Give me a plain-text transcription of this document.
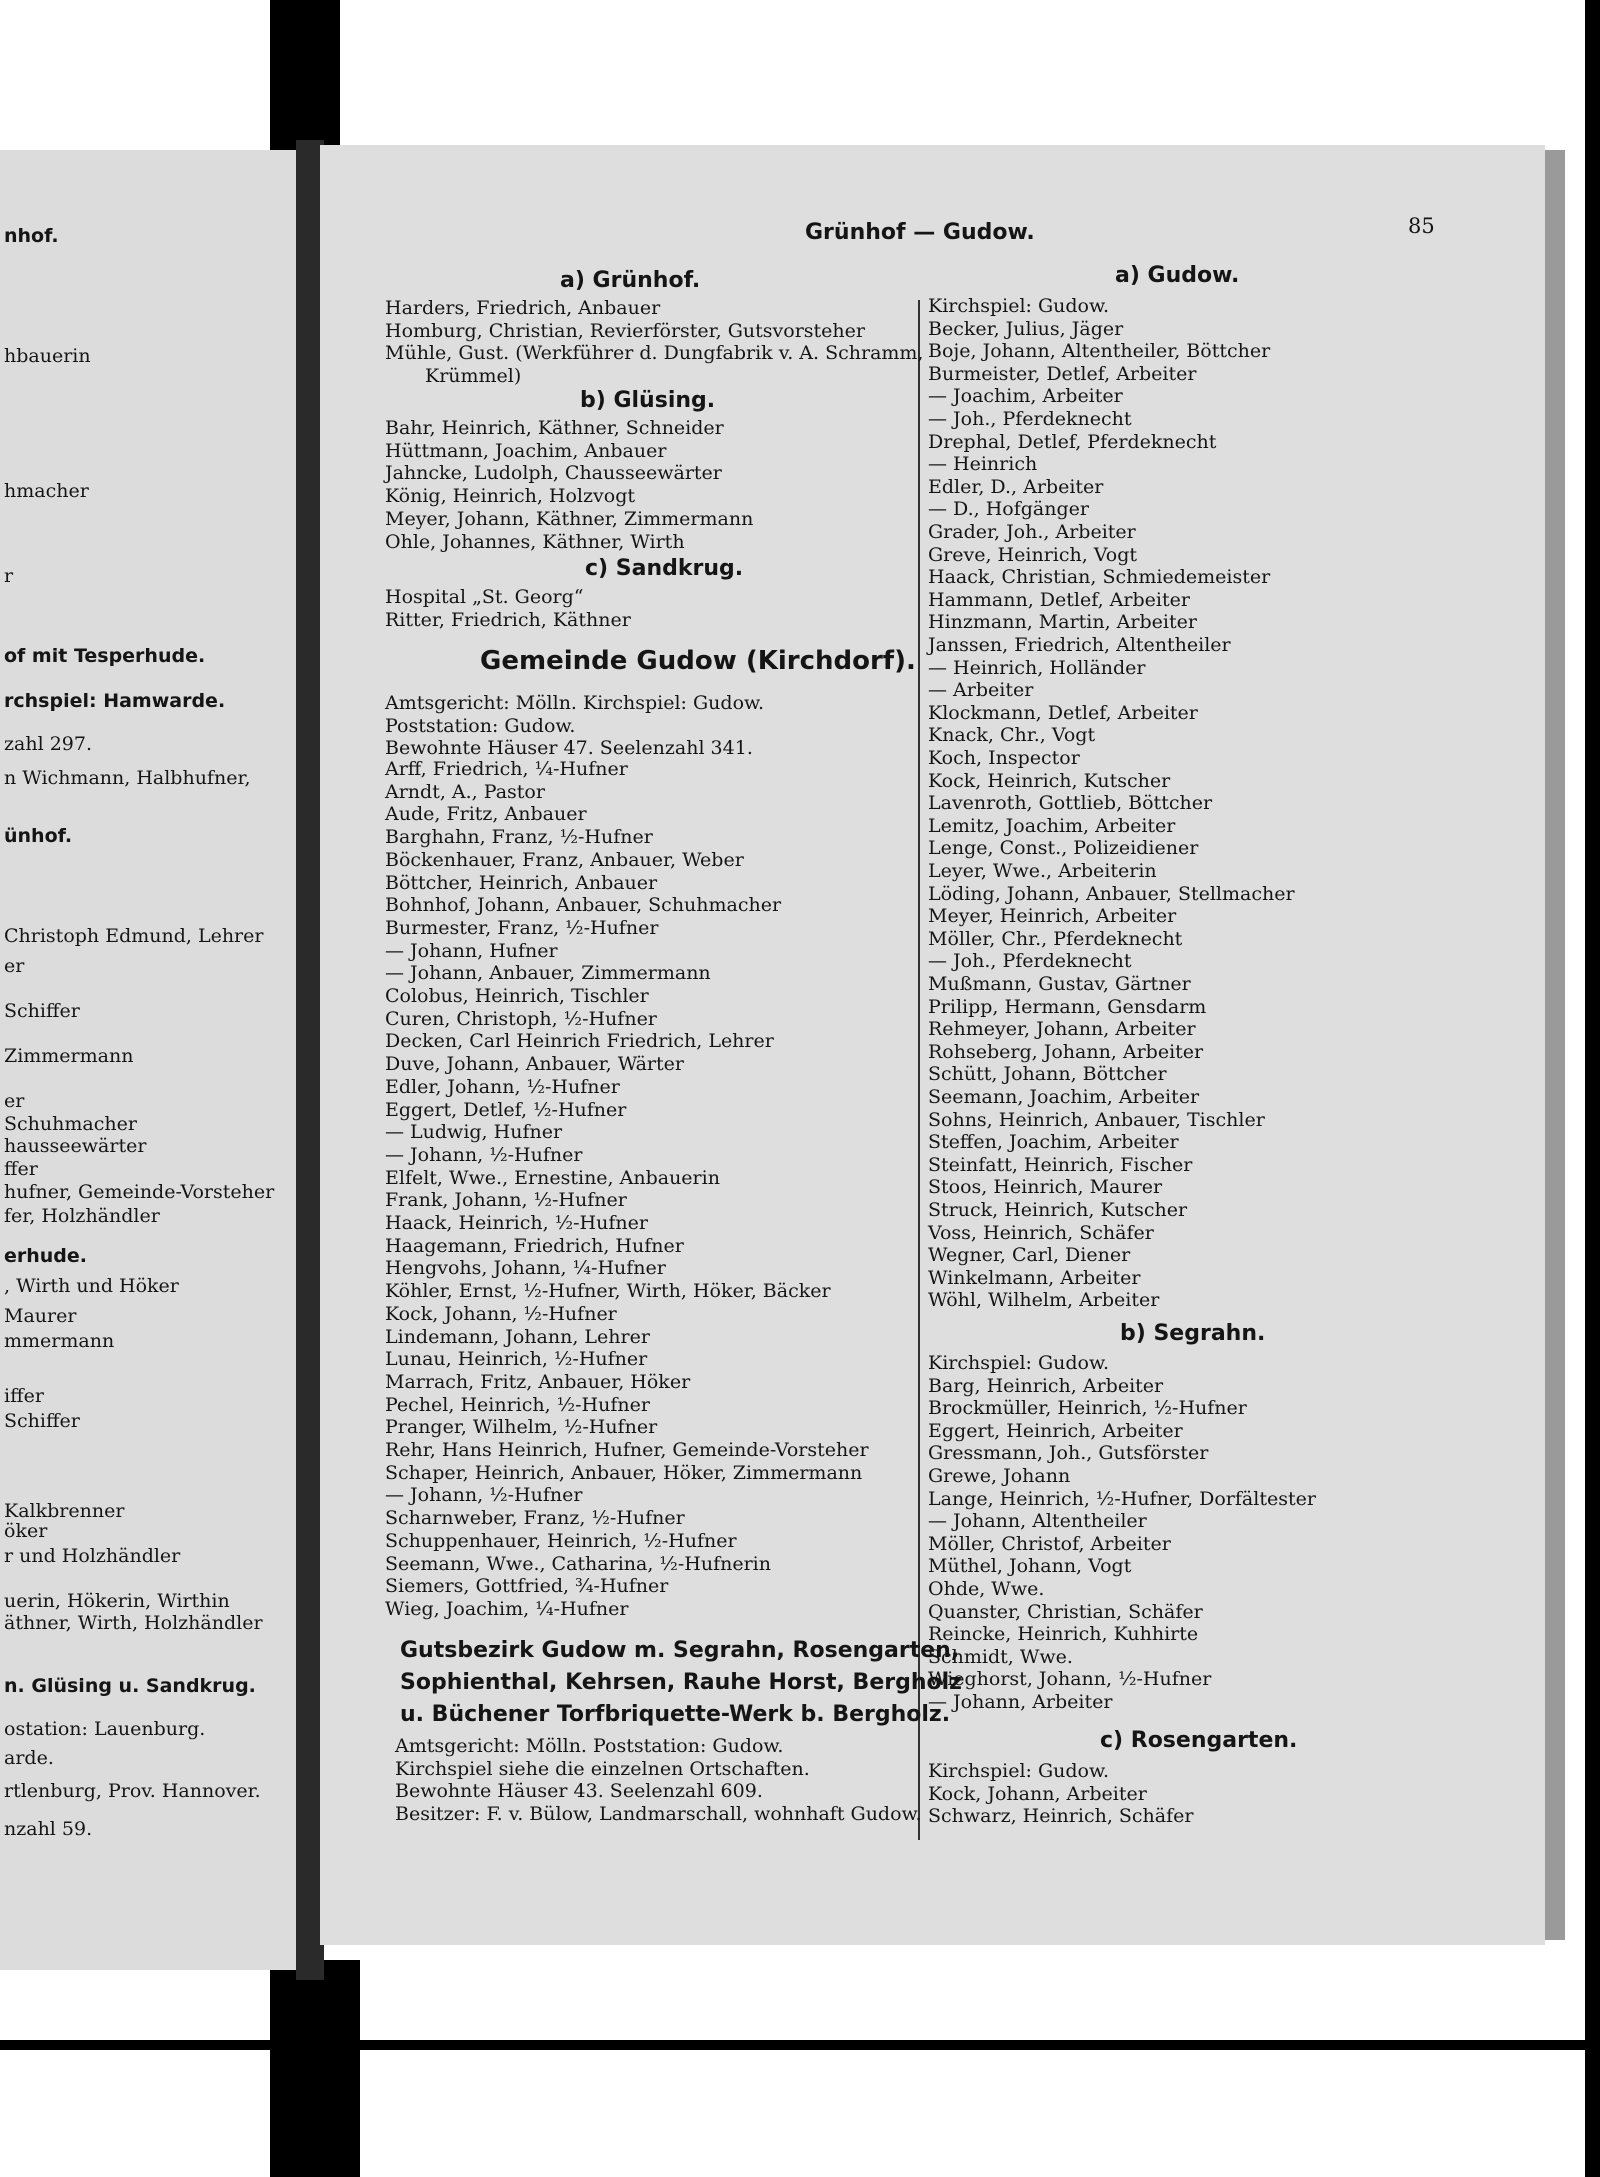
nhof.
hbauerin
hmacher
r
of mit Tesperhude.
rchspiel: Hamwarde.
zahl 297.
n Wichmann, Halbhufner,
ünhof.
Christoph Edmund, Lehrer
er
Schiffer
Zimmermann
er
Schuhmacher
hausseewärter
ffer
hufner, Gemeinde-Vorsteher
fer, Holzhändler
erhude.
, Wirth und Höker
Maurer
mmermann
iffer
Schiffer
Kalkbrenner
öker
r und Holzhändler
uerin, Hökerin, Wirthin
äthner, Wirth, Holzhändler
n. Glüsing u. Sandkrug.
ostation: Lauenburg.
arde.
rtlenburg, Prov. Hannover.
nzahl 59.
Grünhof — Gudow.	85
a) Grünhof.
Harders, Friedrich, Anbauer
Homburg, Christian, Revierförster, Gutsvorsteher
Mühle, Gust. (Werkführer d. Dungfabrik v. A. Schramm,
Krümmel)
b) Glüsing.
Bahr, Heinrich, Käthner, Schneider
Hüttmann, Joachim, Anbauer
Jahncke, Ludolph, Chausseewärter
König, Heinrich, Holzvogt
Meyer, Johann, Käthner, Zimmermann
Ohle, Johannes, Käthner, Wirth
c) Sandkrug.
Hospital „St. Georg“
Ritter, Friedrich, Käthner
Gemeinde Gudow (Kirchdorf).
Amtsgericht: Mölln. Kirchspiel: Gudow.
Poststation: Gudow.
Bewohnte Häuser 47. Seelenzahl 341.
Arff, Friedrich, ¼-Hufner
Arndt, A., Pastor
Aude, Fritz, Anbauer
Barghahn, Franz, ½-Hufner
Böckenhauer, Franz, Anbauer, Weber
Böttcher, Heinrich, Anbauer
Bohnhof, Johann, Anbauer, Schuhmacher
Burmester, Franz, ½-Hufner
— Johann, Hufner
— Johann, Anbauer, Zimmermann
Colobus, Heinrich, Tischler
Curen, Christoph, ½-Hufner
Decken, Carl Heinrich Friedrich, Lehrer
Duve, Johann, Anbauer, Wärter
Edler, Johann, ½-Hufner
Eggert, Detlef, ½-Hufner
— Ludwig, Hufner
— Johann, ½-Hufner
Elfelt, Wwe., Ernestine, Anbauerin
Frank, Johann, ½-Hufner
Haack, Heinrich, ½-Hufner
Haagemann, Friedrich, Hufner
Hengvohs, Johann, ¼-Hufner
Köhler, Ernst, ½-Hufner, Wirth, Höker, Bäcker
Kock, Johann, ½-Hufner
Lindemann, Johann, Lehrer
Lunau, Heinrich, ½-Hufner
Marrach, Fritz, Anbauer, Höker
Pechel, Heinrich, ½-Hufner
Pranger, Wilhelm, ½-Hufner
Rehr, Hans Heinrich, Hufner, Gemeinde-Vorsteher
Schaper, Heinrich, Anbauer, Höker, Zimmermann
— Johann, ½-Hufner
Scharnweber, Franz, ½-Hufner
Schuppenhauer, Heinrich, ½-Hufner
Seemann, Wwe., Catharina, ½-Hufnerin
Siemers, Gottfried, ¾-Hufner
Wieg, Joachim, ¼-Hufner
Gutsbezirk Gudow m. Segrahn, Rosengarten,
Sophienthal, Kehrsen, Rauhe Horst, Bergholz
u. Büchener Torfbriquette-Werk b. Bergholz.
Amtsgericht: Mölln. Poststation: Gudow.
Kirchspiel siehe die einzelnen Ortschaften.
Bewohnte Häuser 43. Seelenzahl 609.
Besitzer: F. v. Bülow, Landmarschall, wohnhaft Gudow.
a) Gudow.
Kirchspiel: Gudow.
Becker, Julius, Jäger
Boje, Johann, Altentheiler, Böttcher
Burmeister, Detlef, Arbeiter
— Joachim, Arbeiter
— Joh., Pferdeknecht
Drephal, Detlef, Pferdeknecht
— Heinrich
Edler, D., Arbeiter
— D., Hofgänger
Grader, Joh., Arbeiter
Greve, Heinrich, Vogt
Haack, Christian, Schmiedemeister
Hammann, Detlef, Arbeiter
Hinzmann, Martin, Arbeiter
Janssen, Friedrich, Altentheiler
— Heinrich, Holländer
— Arbeiter
Klockmann, Detlef, Arbeiter
Knack, Chr., Vogt
Koch, Inspector
Kock, Heinrich, Kutscher
Lavenroth, Gottlieb, Böttcher
Lemitz, Joachim, Arbeiter
Lenge, Const., Polizeidiener
Leyer, Wwe., Arbeiterin
Löding, Johann, Anbauer, Stellmacher
Meyer, Heinrich, Arbeiter
Möller, Chr., Pferdeknecht
— Joh., Pferdeknecht
Mußmann, Gustav, Gärtner
Prilipp, Hermann, Gensdarm
Rehmeyer, Johann, Arbeiter
Rohseberg, Johann, Arbeiter
Schütt, Johann, Böttcher
Seemann, Joachim, Arbeiter
Sohns, Heinrich, Anbauer, Tischler
Steffen, Joachim, Arbeiter
Steinfatt, Heinrich, Fischer
Stoos, Heinrich, Maurer
Struck, Heinrich, Kutscher
Voss, Heinrich, Schäfer
Wegner, Carl, Diener
Winkelmann, Arbeiter
Wöhl, Wilhelm, Arbeiter
b) Segrahn.
Kirchspiel: Gudow.
Barg, Heinrich, Arbeiter
Brockmüller, Heinrich, ½-Hufner
Eggert, Heinrich, Arbeiter
Gressmann, Joh., Gutsförster
Grewe, Johann
Lange, Heinrich, ½-Hufner, Dorfältester
— Johann, Altentheiler
Möller, Christof, Arbeiter
Müthel, Johann, Vogt
Ohde, Wwe.
Quanster, Christian, Schäfer
Reincke, Heinrich, Kuhhirte
Schmidt, Wwe.
Wieghorst, Johann, ½-Hufner
— Johann, Arbeiter
c) Rosengarten.
Kirchspiel: Gudow.
Kock, Johann, Arbeiter
Schwarz, Heinrich, Schäfer
